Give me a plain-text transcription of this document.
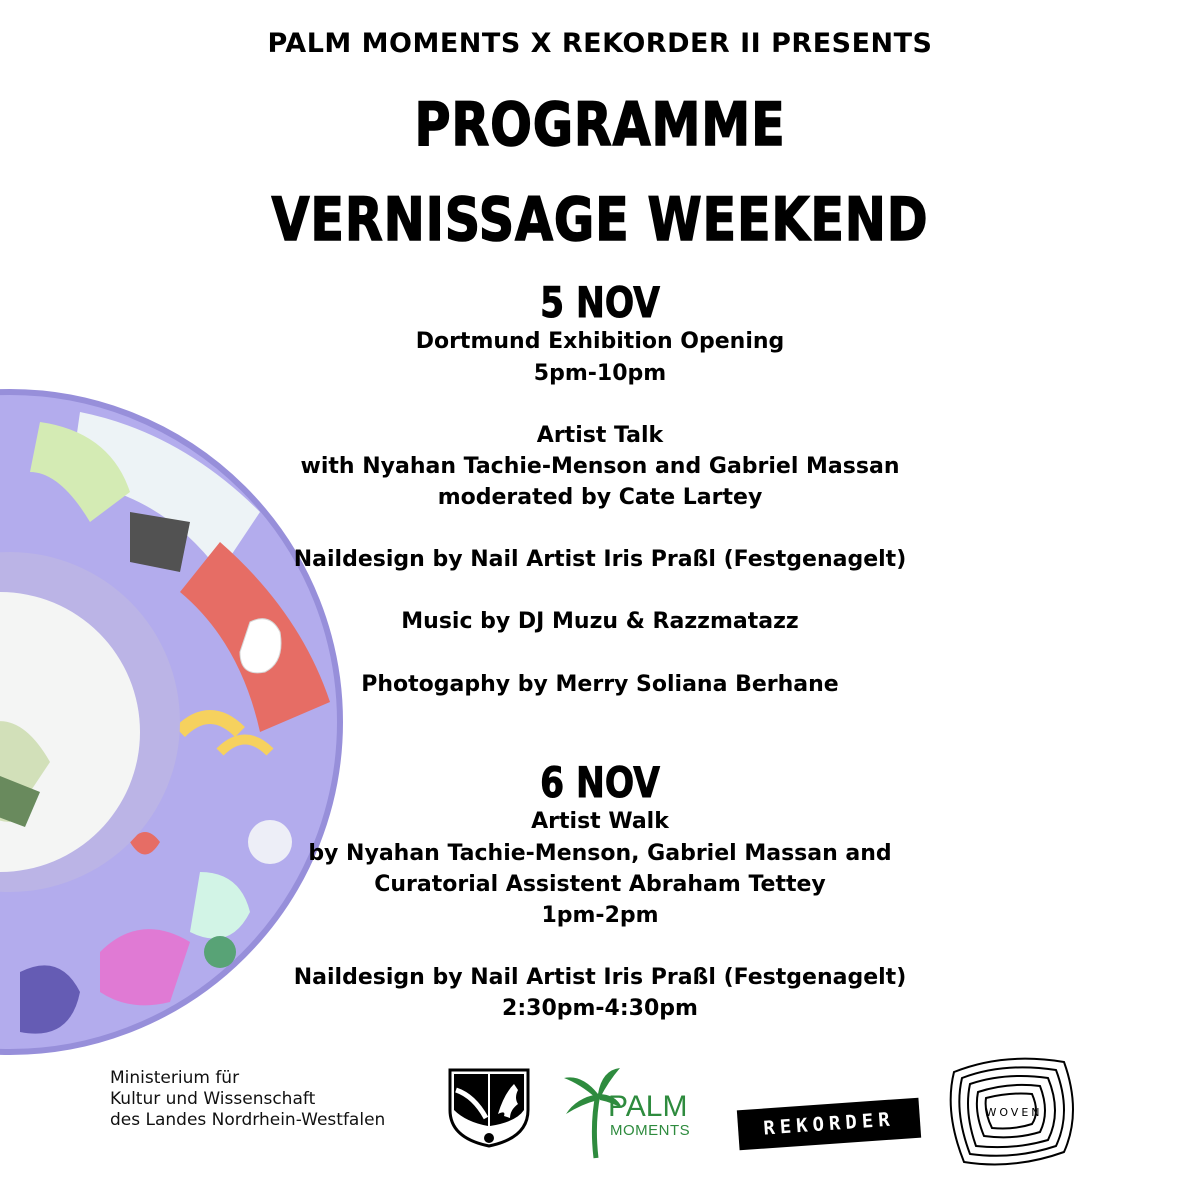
PALM MOMENTS X REKORDER II PRESENTS
PROGRAMME
VERNISSAGE WEEKEND
5 NOV
Dortmund Exhibition Opening
5pm-10pm
Artist Talk
with Nyahan Tachie-Menson and Gabriel Massan
moderated by Cate Lartey
Naildesign by Nail Artist Iris Praßl (Festgenagelt)
Music by DJ Muzu & Razzmatazz
Photogaphy by Merry Soliana Berhane
6 NOV
Artist Walk
by Nyahan Tachie-Menson, Gabriel Massan and
Curatorial Assistent Abraham Tettey
1pm-2pm
Naildesign by Nail Artist Iris Praßl (Festgenagelt)
2:30pm-4:30pm
Ministerium für
Kultur und Wissenschaft
des Landes Nordrhein-Westfalen	PALM
MOMENTS	REKORDER	WOVEN
